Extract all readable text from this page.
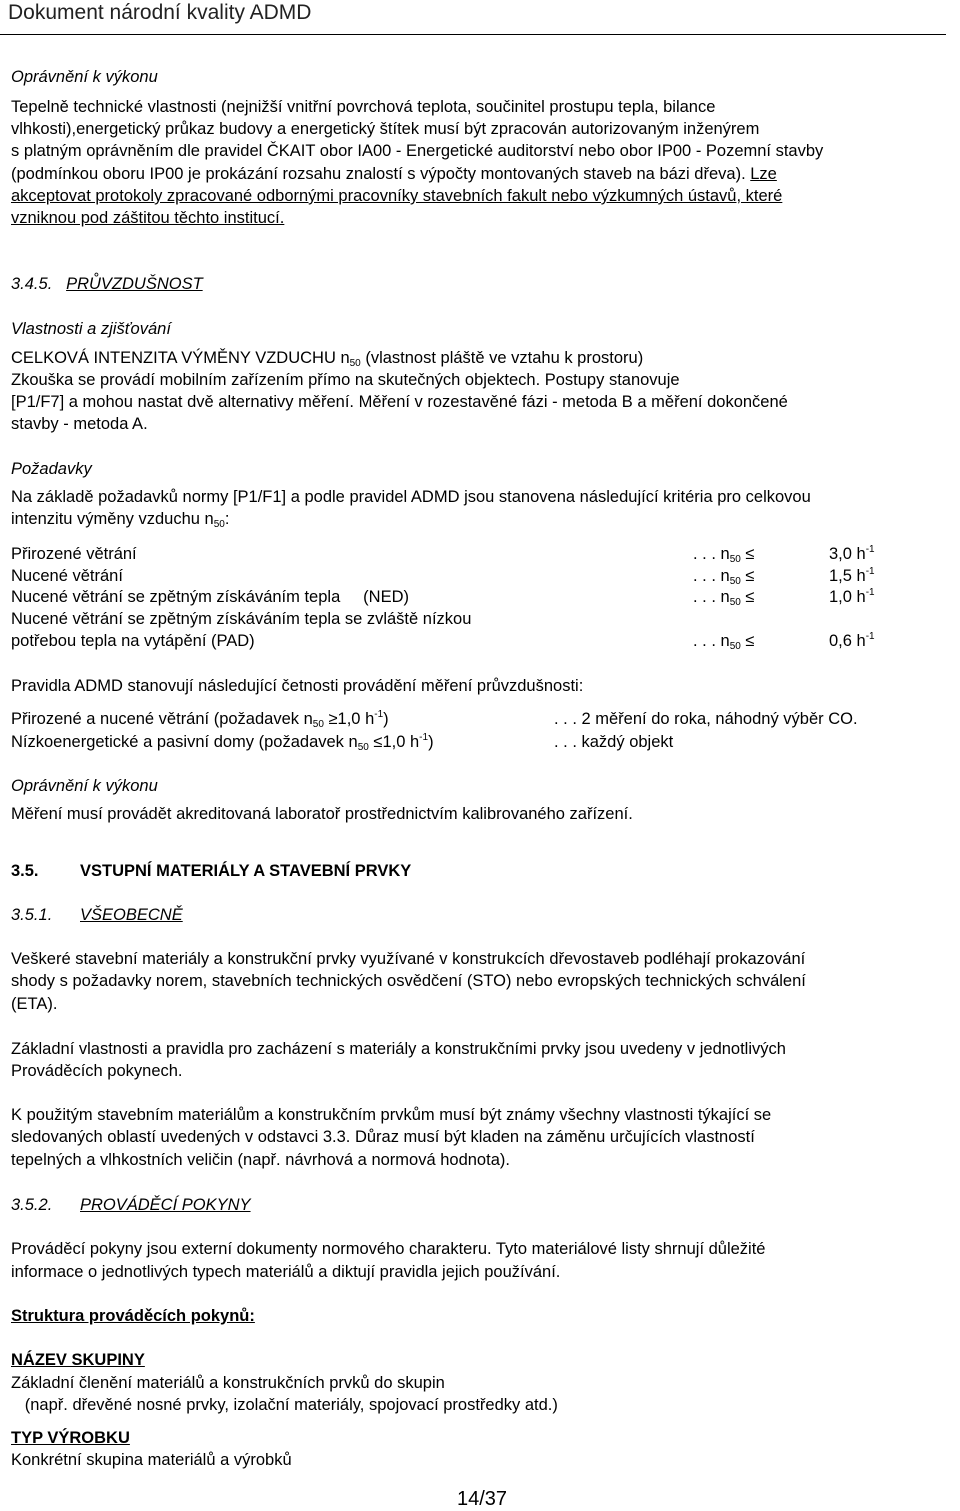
Dokument národní kvality ADMD
Oprávnění k výkonu
Tepelně technické vlastnosti (nejnižší vnitřní povrchová teplota, součinitel prostupu tepla, bilance
vlhkosti),energetický průkaz budovy a energetický štítek musí být zpracován autorizovaným inženýrem
s platným oprávněním dle pravidel ČKAIT obor IA00 - Energetické auditorství nebo obor IP00 - Pozemní stavby
(podmínkou oboru IP00 je prokázání rozsahu znalostí s výpočty montovaných staveb na bázi dřeva). Lze
akceptovat protokoly zpracované odbornými pracovníky stavebních fakult nebo výzkumných ústavů, které
vzniknou pod záštitou těchto institucí.
3.4.5. PRŮVZDUŠNOST
Vlastnosti a zjišťování
CELKOVÁ INTENZITA VÝMĚNY VZDUCHU $n_{50}$ (vlastnost pláště ve vztahu k prostoru)
Zkouška se provádí mobilním zařízením přímo na skutečných objektech. Postupy stanovuje
[P1/F7] a mohou nastat dvě alternativy měření. Měření v rozestavěné fázi - metoda B a měření dokončené
stavby - metoda A.
Požadavky
Na základě požadavků normy [P1/F1] a podle pravidel ADMD jsou stanovena následující kritéria pro celkovou
intenzitu výměny vzduchu $n_{50}$:
Přirozené větrání	. . . $n_{50}$ ≤	3,0 $h^{-1}$
Nucené větrání	. . . $n_{50}$ ≤	1,5 $h^{-1}$
Nucené větrání se zpětným získáváním tepla     (NED)	. . . $n_{50}$ ≤	1,0 $h^{-1}$
Nucené větrání se zpětným získáváním tepla se zvláště nízkou
potřebou tepla na vytápění (PAD)	. . . $n_{50}$ ≤	0,6 $h^{-1}$
Pravidla ADMD stanovují následující četnosti provádění měření průvzdušnosti:
Přirozené a nucené větrání (požadavek $n_{50} \ge 1,0$ $h^{-1}$)	. . . 2 měření do roka, náhodný výběr CO.
Nízkoenergetické a pasivní domy (požadavek $n_{50} \le 1,0$ $h^{-1}$)	. . . každý objekt
Oprávnění k výkonu
Měření musí provádět akreditovaná laboratoř prostřednictvím kalibrovaného zařízení.
3.5.	VSTUPNÍ MATERIÁLY A STAVEBNÍ PRVKY
3.5.1. VŠEOBECNĚ
Veškeré stavební materiály a konstrukční prvky využívané v konstrukcích dřevostaveb podléhají prokazování
shody s požadavky norem, stavebních technických osvědčení (STO) nebo evropských technických schválení
(ETA).
Základní vlastnosti a pravidla pro zacházení s materiály a konstrukčními prvky jsou uvedeny v jednotlivých
Prováděcích pokynech.
K použitým stavebním materiálům a konstrukčním prvkům musí být známy všechny vlastnosti týkající se
sledovaných oblastí uvedených v odstavci 3.3. Důraz musí být kladen na záměnu určujících vlastností
tepelných a vlhkostních veličin (např. návrhová a normová hodnota).
3.5.2. PROVÁDĚCÍ POKYNY
Prováděcí pokyny jsou externí dokumenty normového charakteru. Tyto materiálové listy shrnují důležité
informace o jednotlivých typech materiálů a diktují pravidla jejich používání.
Struktura prováděcích pokynů:
NÁZEV SKUPINY
Základní členění materiálů a konstrukčních prvků do skupin
(např. dřevěné nosné prvky, izolační materiály, spojovací prostředky atd.)
TYP VÝROBKU
Konkrétní skupina materiálů a výrobků
14/37
